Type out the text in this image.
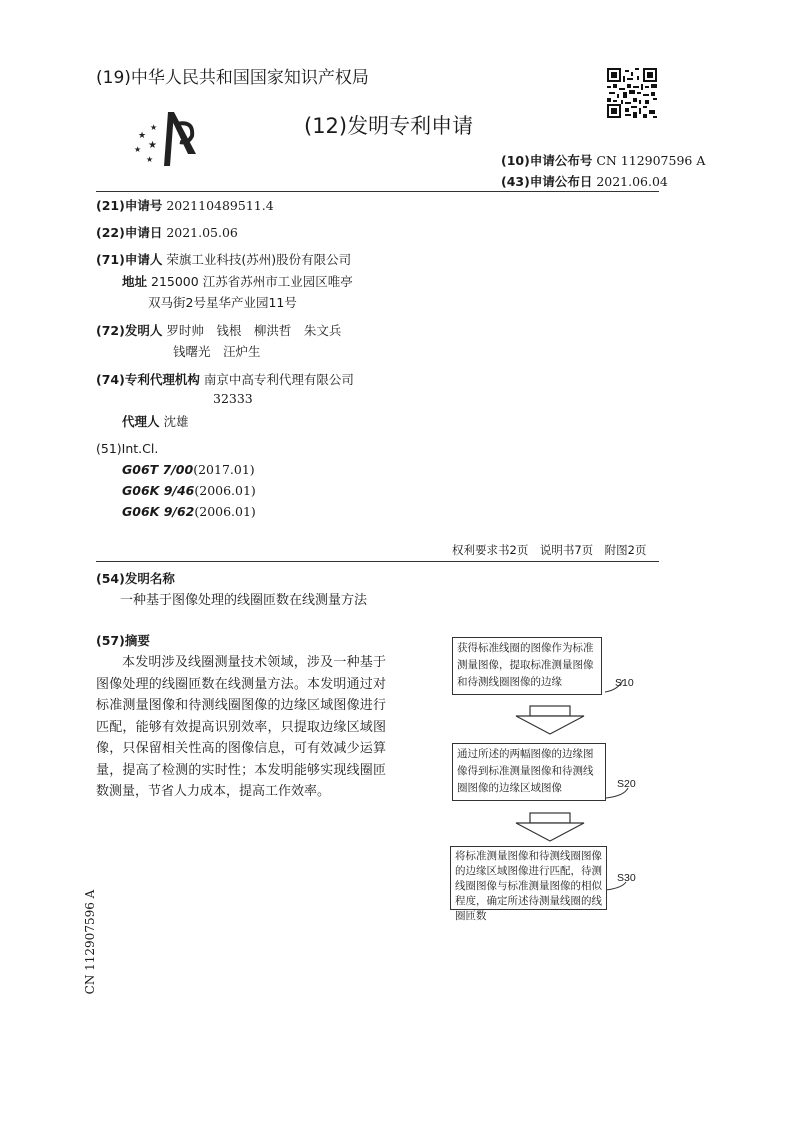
★
★
★ ★
★
(19)中华人民共和国国家知识产权局
(12)发明专利申请
(10)申请公布号 CN 112907596 A
(43)申请公布日 2021.06.04
(21)申请号 202110489511.4
(22)申请日 2021.05.06
(71)申请人 荣旗工业科技(苏州)股份有限公司
地址 215000 江苏省苏州市工业园区唯亭
双马街2号星华产业园11号
(72)发明人 罗时帅　钱根　柳洪哲　朱文兵
钱曙光　汪炉生
(74)专利代理机构 南京中高专利代理有限公司
32333
代理人 沈雄
(51)Int.Cl.
G06T 7/00(2017.01)
G06K 9/46(2006.01)
G06K 9/62(2006.01)
权利要求书2页　说明书7页　附图2页
(54)发明名称
一种基于图像处理的线圈匝数在线测量方法
(57)摘要
本发明涉及线圈测量技术领域，涉及一种基于图像处理的线圈匝数在线测量方法。本发明通过对标准测量图像和待测线圈图像的边缘区域图像进行匹配，能够有效提高识别效率，只提取边缘区域图像，只保留相关性高的图像信息，可有效减少运算量，提高了检测的实时性；本发明能够实现线圈匝数测量，节省人力成本，提高工作效率。
获得标准线圈的图像作为标准测量图像，提取标准测量图像和待测线圈图像的边缘	S10
通过所述的两幅图像的边缘图像得到标准测量图像和待测线圈图像的边缘区域图像	S20
将标准测量图像和待测线圈图像的边缘区域图像进行匹配，待测线圈图像与标准测量图像的相似程度，确定所述待测量线圈的线圈匝数
S30
CN 112907596 A
